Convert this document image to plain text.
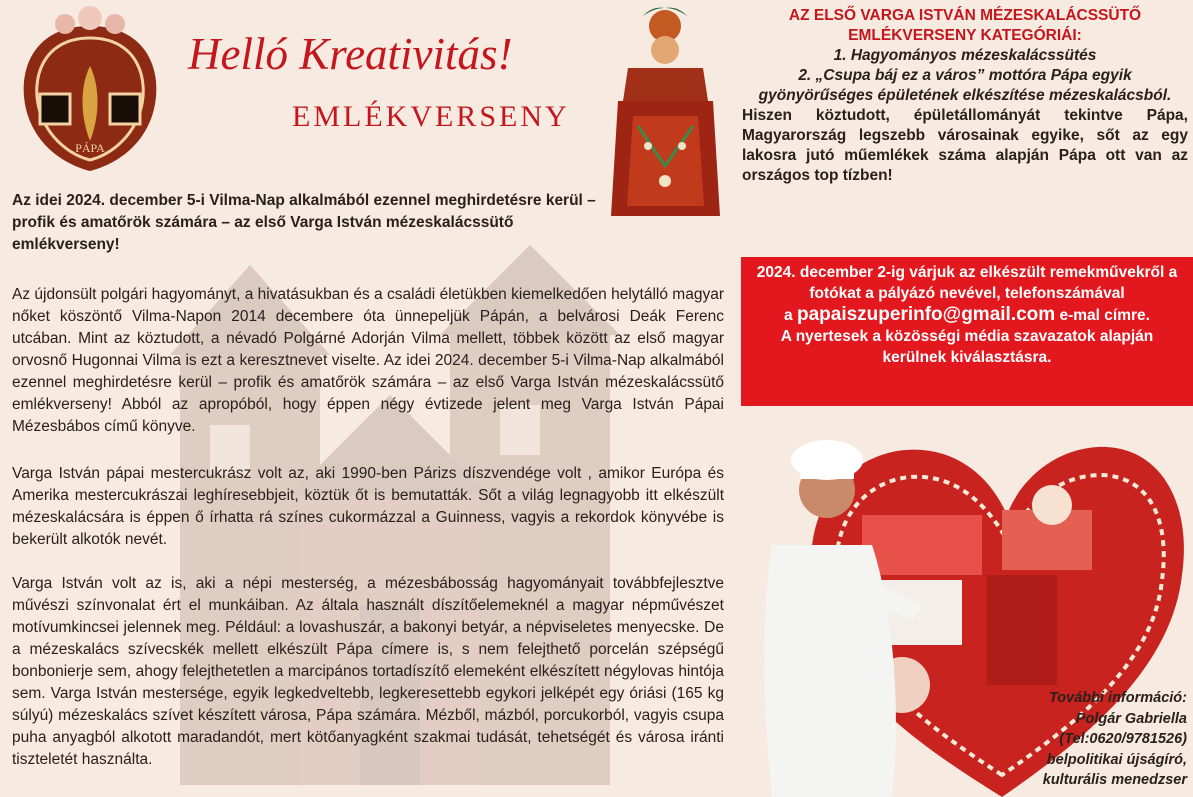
PÁPA
Helló Kreativitás!
EMLÉKVERSENY
Az idei 2024. december 5-i Vilma-Nap alkalmából ezennel meghirdetésre kerül – profik és amatőrök számára – az első Varga István mézeskalácssütő emlékverseny!

Az újdonsült polgári hagyományt, a hivatásukban és a családi életükben kiemelkedően helytálló magyar nőket köszöntő Vilma-Napon 2014 decembere óta ünnepeljük Pápán, a belvárosi Deák Ferenc utcában. Mint az köztudott, a névadó Polgárné Adorján Vilma mellett, többek között az első magyar orvosnő Hugonnai Vilma is ezt a keresztnevet viselte. Az idei 2024. december 5-i Vilma-Nap alkalmából ezennel meghirdetésre kerül – profik és amatőrök számára – az első Varga István mézeskalácssütő emlékverseny! Abból az apropóból, hogy éppen négy évtizede jelent meg Varga István Pápai Mézesbábos című könyve.

Varga István pápai mestercukrász volt az, aki 1990-ben Párizs díszvendége volt , amikor Európa és Amerika mestercukrászai leghíresebbjeit, köztük őt is bemutatták. Sőt a világ legnagyobb itt elkészült mézeskalácsára is éppen ő írhatta rá színes cukormázzal a Guinness, vagyis a rekordok könyvébe is bekerült alkotók nevét.

Varga István volt az is, aki a népi mesterség, a mézesbábosság hagyományait továbbfejlesztve művészi színvonalat ért el munkáiban. Az általa használt díszítőelemeknél a magyar népművészet motívumkincsei jelennek meg. Például: a lovashuszár, a bakonyi betyár, a népviseletes menyecske. De a mézeskalács szívecskék mellett elkészült Pápa címere is, s nem felejthető porcelán szépségű bonbonierje sem, ahogy felejthetetlen a marcipános tortadíszítő elemeként elkészített négylovas hintója sem. Varga István mestersége, egyik legkedveltebb, legkeresettebb egykori jelképét egy óriási (165 kg súlyú) mézeskalács szívet készített városa, Pápa számára. Mézből, mázból, porcukorból, vagyis csupa puha anyagból alkotott maradandót, mert kötőanyagként szakmai tudását, tehetségét és városa iránti tiszteletét használta.

AZ ELSŐ VARGA ISTVÁN MÉZESKALÁCSSÜTŐ

EMLÉKVERSENY KATEGÓRIÁI:

1. Hagyományos mézeskalácssütés

2. „Csupa báj ez a város” mottóra Pápa egyik gyönyörűséges épületének elkészítése mézeskalácsból.

Hiszen köztudott, épületállományát tekintve Pápa, Magyarország legszebb városainak egyike, sőt az egy lakosra jutó műemlékek száma alapján Pápa ott van az országos top tízben!

2024. december 2-ig várjuk az elkészült remekművekről a fotókat a pályázó nevével, telefonszámával

a papaiszuperinfo@gmail.com e-mal címre.

A nyertesek a közösségi média szavazatok alapján kerülnek kiválasztásra.

További információ:
Polgár Gabriella
(Tel:0620/9781526)
belpolitikai újságíró,
kulturális menedzser
